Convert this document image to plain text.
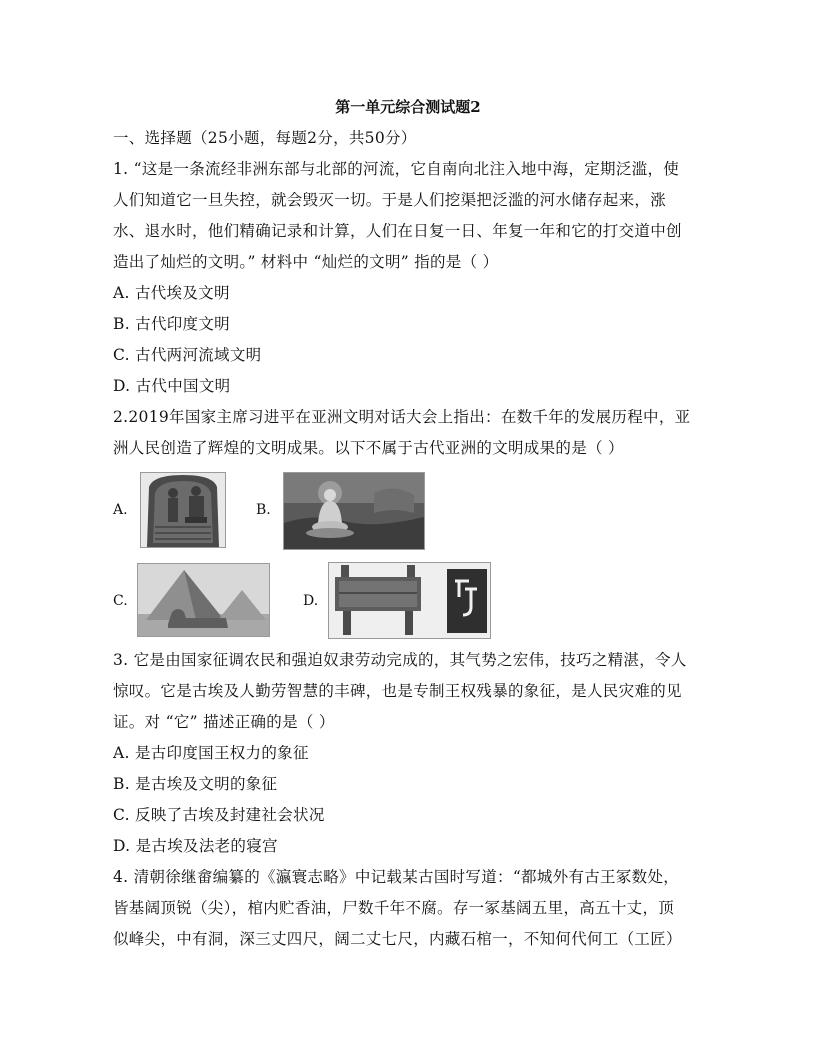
第一单元综合测试题2
一、选择题（25小题，每题2分，共50分）
1. “这是一条流经非洲东部与北部的河流，它自南向北注入地中海，定期泛滥，使
人们知道它一旦失控，就会毁灭一切。于是人们挖渠把泛滥的河水储存起来，涨
水、退水时，他们精确记录和计算，人们在日复一日、年复一年和它的打交道中创
造出了灿烂的文明。” 材料中 “灿烂的文明” 指的是（ ）
A. 古代埃及文明
B. 古代印度文明
C. 古代两河流域文明
D. 古代中国文明
2.2019年国家主席习进平在亚洲文明对话大会上指出：在数千年的发展历程中，亚
洲人民创造了辉煌的文明成果。以下不属于古代亚洲的文明成果的是（ ）
A.	B.
C.	D.
3. 它是由国家征调农民和强迫奴隶劳动完成的，其气势之宏伟，技巧之精湛，令人
惊叹。它是古埃及人勤劳智慧的丰碑，也是专制王权残暴的象征，是人民灾难的见
证。对 “它” 描述正确的是（ ）
A. 是古印度国王权力的象征
B. 是古埃及文明的象征
C. 反映了古埃及封建社会状况
D. 是古埃及法老的寝宫
4. 清朝徐继畲编纂的《瀛寰志略》中记载某古国时写道：“都城外有古王冢数处，
皆基阔顶锐（尖），棺内贮香油，尸数千年不腐。存一冢基阔五里，高五十丈，顶
似峰尖，中有洞，深三丈四尺，阔二丈七尺，内藏石棺一，不知何代何工（工匠）
